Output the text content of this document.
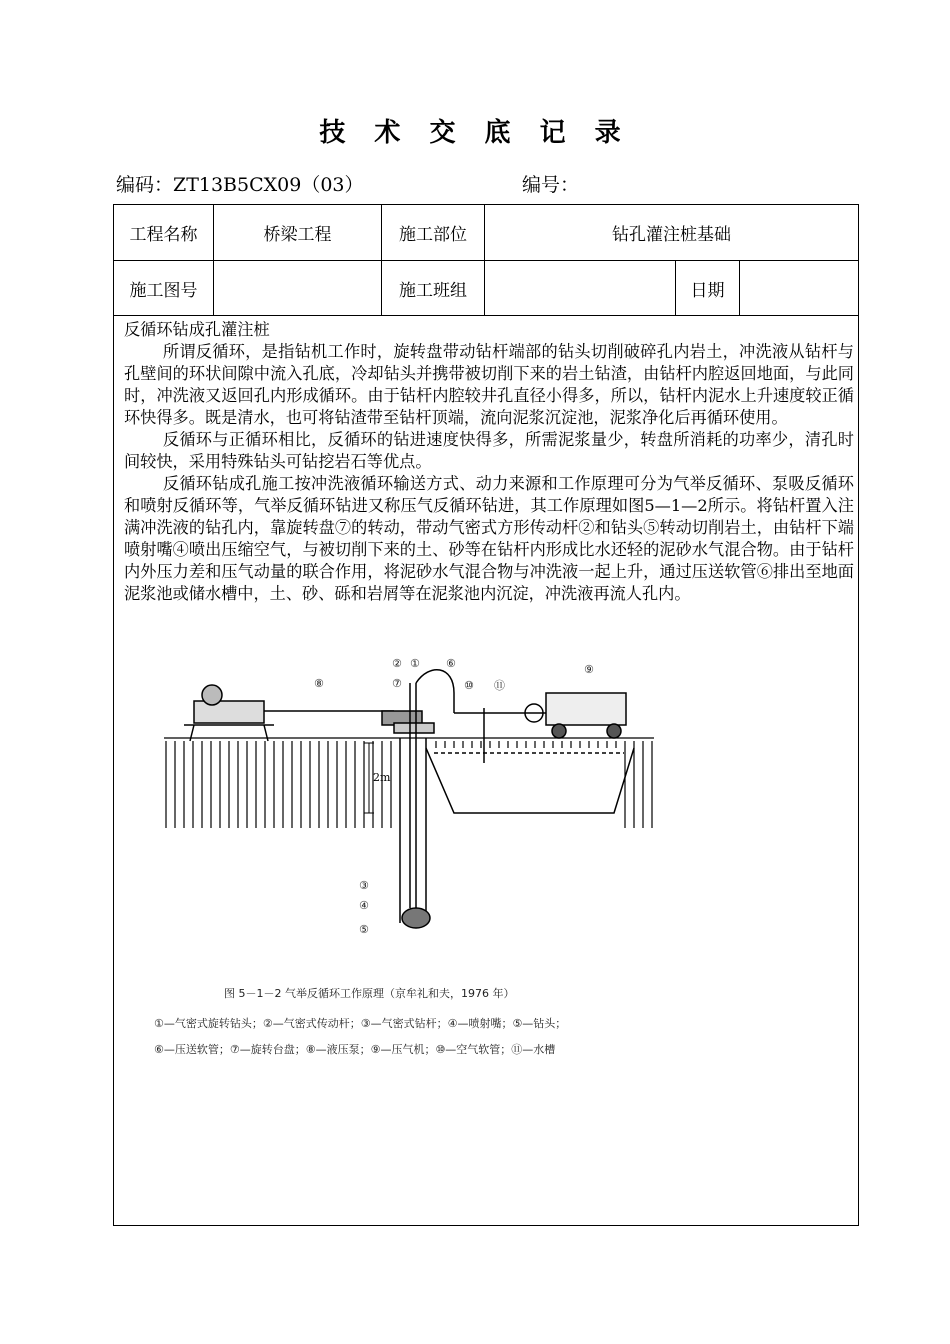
技 术 交 底 记 录
编码：ZT13B5CX09（03）	编号：
工程名称	桥梁工程	施工部位	钻孔灌注桩基础
施工图号	施工班组	日期

反循环钻成孔灌注桩

所谓反循环，是指钻机工作时，旋转盘带动钻杆端部的钻头切削破碎孔内岩土，冲洗液从钻杆与孔壁间的环状间隙中流入孔底，冷却钻头并携带被切削下来的岩土钻渣，由钻杆内腔返回地面，与此同时，冲洗液又返回孔内形成循环。由于钻杆内腔较井孔直径小得多，所以，钻杆内泥水上升速度较正循环快得多。既是清水，也可将钻渣带至钻杆顶端，流向泥浆沉淀池，泥浆净化后再循环使用。

反循环与正循环相比，反循环的钻进速度快得多，所需泥浆量少，转盘所消耗的功率少，清孔时间较快，采用特殊钻头可钻挖岩石等优点。

反循环钻成孔施工按冲洗液循环输送方式、动力来源和工作原理可分为气举反循环、泵吸反循环和喷射反循环等，气举反循环钻进又称压气反循环钻进，其工作原理如图5—1—2所示。将钻杆置入注满冲洗液的钻孔内，靠旋转盘⑦的转动，带动气密式方形传动杆②和钻头⑤转动切削岩土，由钻杆下端喷射嘴④喷出压缩空气，与被切削下来的土、砂等在钻杆内形成比水还轻的泥砂水气混合物。由于钻杆内外压力差和压气动量的联合作用，将泥砂水气混合物与冲洗液一起上升，通过压送软管⑥排出至地面泥浆池或储水槽中，土、砂、砾和岩屑等在泥浆池内沉淀，冲洗液再流人孔内。

2m
② ① ⑥
⑦
⑧
⑨
⑩ ⑪
③
④
⑤
图 5－1－2 气举反循环工作原理（京牟礼和夫，1976 年）
①—气密式旋转钻头；②—气密式传动杆；③—气密式钻杆；④—喷射嘴；⑤—钻头；
⑥—压送软管；⑦—旋转台盘；⑧—液压泵；⑨—压气机；⑩—空气软管；⑪—水槽
